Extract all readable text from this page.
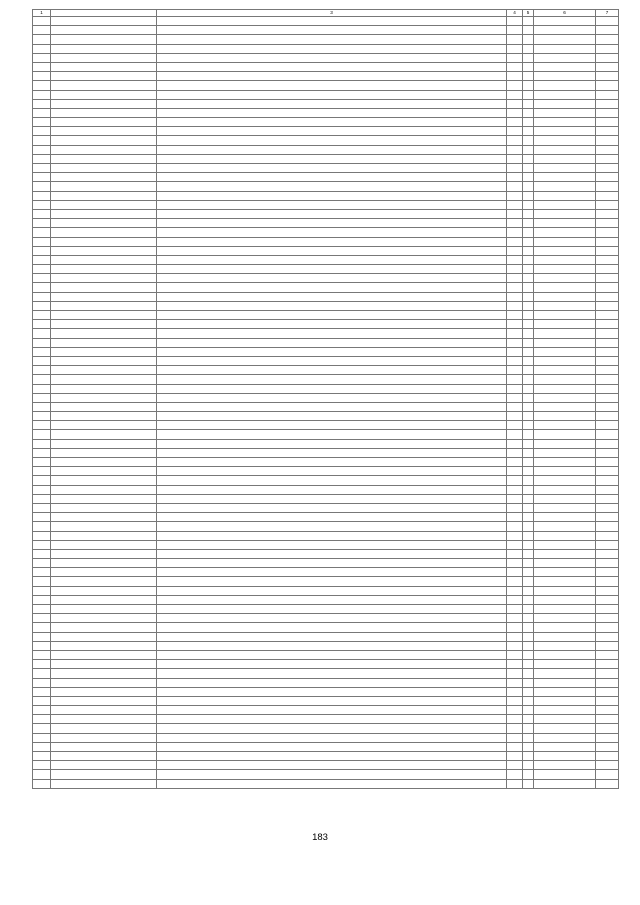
1		3	4	5	6	7

183
